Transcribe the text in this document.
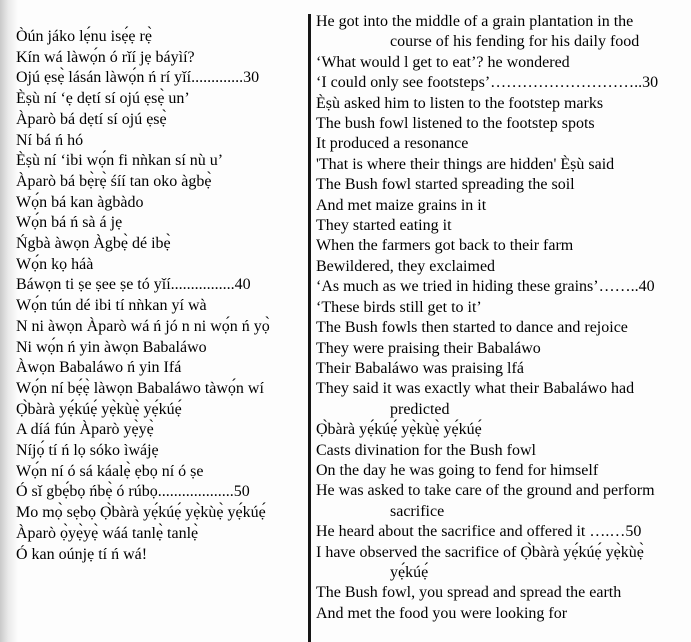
Òún jáko lẹ́nu isẹ́ẹ rẹ̀
Kín wá làwọ́n ó rǐí jẹ báyìí?
Ojú ẹsẹ̀ lásán làwọ́n ń rí yǐí.............30
Èṣù ní ‘ẹ dẹtí sí ojú ẹsẹ̀ un’
Àparò bá dẹtí sí ojú ẹsẹ̀
Ní bá ń hó
Èṣù ní ‘ibi wọ́n fi nǹkan sí nù u’
Àparò bá bẹ̀rẹ̀ śíí tan oko àgbẹ̀
Wọ́n bá kan àgbàdo
Wọ́n bá ń sà á jẹ
Ńgbà àwọn Àgbẹ̀ dé ibẹ̀
Wọ́n kọ háà
Báwọn ti ṣe ṣee ṣe tó yǐí................40
Wọ́n tún dé ibi tí nǹkan yí wà
N ni àwọn Àparò wá ń jó n ni wọ́n ń yọ̀
Ni wọ́n ń yin àwọn Babaláwo
Àwọn Babaláwo ń yin Ifá
Wọ́n ní bẹ́ẹ̀ làwọn Babaláwo tàwọ́n wí
Ọ̀bàrà yẹ́kúẹ́ yẹ̀kùẹ̀ yẹ́kúẹ́
A díá fún Àparò yẹ̀yẹ̀
Níjọ́ tí ń lọ sóko ìwájẹ
Wọ́n ní ó sá káalẹ̀ ẹbọ ní ó ṣe
Ó sǐ gbẹ́bọ ńbẹ̀ ó rúbọ...................50
Mo mọ̀ sẹbọ Ọ̀bàrà yẹ́kúẹ́ yẹ̀kùẹ̀ yẹ́kúẹ́
Àparò ọ̀yẹ̀yẹ̀ wáá tanlẹ̀ tanlẹ̀
Ó kan oúnjẹ tí ń wá!
He got into the middle of a grain plantation in the
course of his fending for his daily food
‘What would l get to eat’? he wondered
‘I could only see footsteps’………………………..30
Èṣù asked him to listen to the footstep marks
The bush fowl listened to the footstep spots
It produced a resonance
'That is where their things are hidden' Èṣù said
The Bush fowl started spreading the soil
And met maize grains in it
They started eating it
When the farmers got back to their farm
Bewildered, they exclaimed
‘As much as we tried in hiding these grains’……..40
‘These birds still get to it’
The Bush fowls then started to dance and rejoice
They were praising their Babaláwo
Their Babaláwo was praising lfá
They said it was exactly what their Babaláwo had
predicted
Ọ̀bàrà yẹ́kúẹ́ yẹ̀kùẹ̀ yẹ́kúẹ́
Casts divination for the Bush fowl
On the day he was going to fend for himself
He was asked to take care of the ground and perform
sacrifice
He heard about the sacrifice and offered it ….…50
I have observed the sacrifice of Ọ̀bàrà yẹ́kúẹ́ yẹ̀kùẹ̀
yẹ́kúẹ́
The Bush fowl, you spread and spread the earth
And met the food you were looking for
